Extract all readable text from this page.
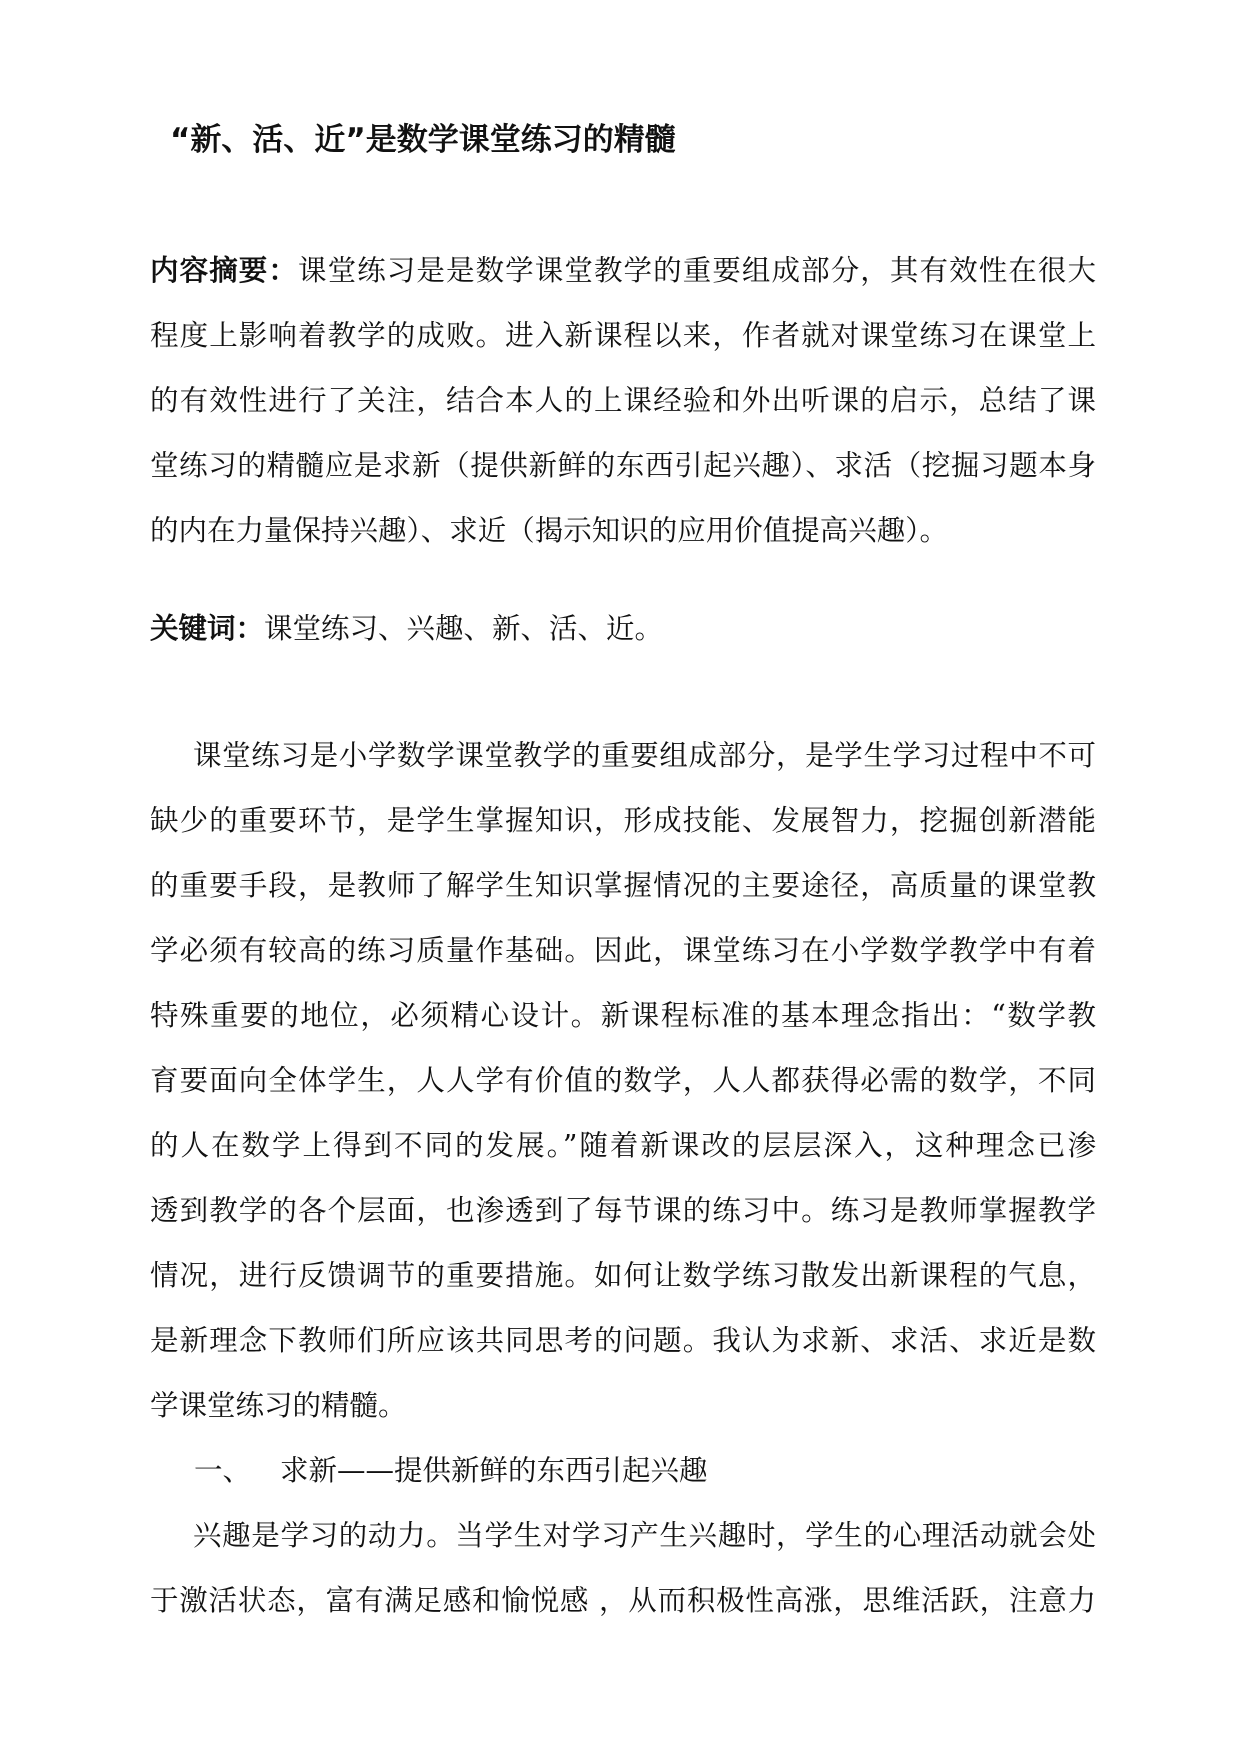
“新、活、近”是数学课堂练习的精髓
内容摘要：课堂练习是是数学课堂教学的重要组成部分，其有效性在很大
程度上影响着教学的成败。进入新课程以来，作者就对课堂练习在课堂上
的有效性进行了关注，结合本人的上课经验和外出听课的启示，总结了课
堂练习的精髓应是求新（提供新鲜的东西引起兴趣）、求活（挖掘习题本身
的内在力量保持兴趣）、求近（揭示知识的应用价值提高兴趣）。
关键词：课堂练习、兴趣、新、活、近。
课堂练习是小学数学课堂教学的重要组成部分，是学生学习过程中不可
缺少的重要环节，是学生掌握知识，形成技能、发展智力，挖掘创新潜能
的重要手段，是教师了解学生知识掌握情况的主要途径，高质量的课堂教
学必须有较高的练习质量作基础。因此，课堂练习在小学数学教学中有着
特殊重要的地位，必须精心设计。新课程标准的基本理念指出：“数学教
育要面向全体学生，人人学有价值的数学，人人都获得必需的数学，不同
的人在数学上得到不同的发展。”随着新课改的层层深入，这种理念已渗
透到教学的各个层面，也渗透到了每节课的练习中。练习是教师掌握教学
情况，进行反馈调节的重要措施。如何让数学练习散发出新课程的气息，
是新理念下教师们所应该共同思考的问题。我认为求新、求活、求近是数
学课堂练习的精髓。
一、 求新——提供新鲜的东西引起兴趣
兴趣是学习的动力。当学生对学习产生兴趣时，学生的心理活动就会处
于激活状态，富有满足感和愉悦感 ，从而积极性高涨，思维活跃，注意力
